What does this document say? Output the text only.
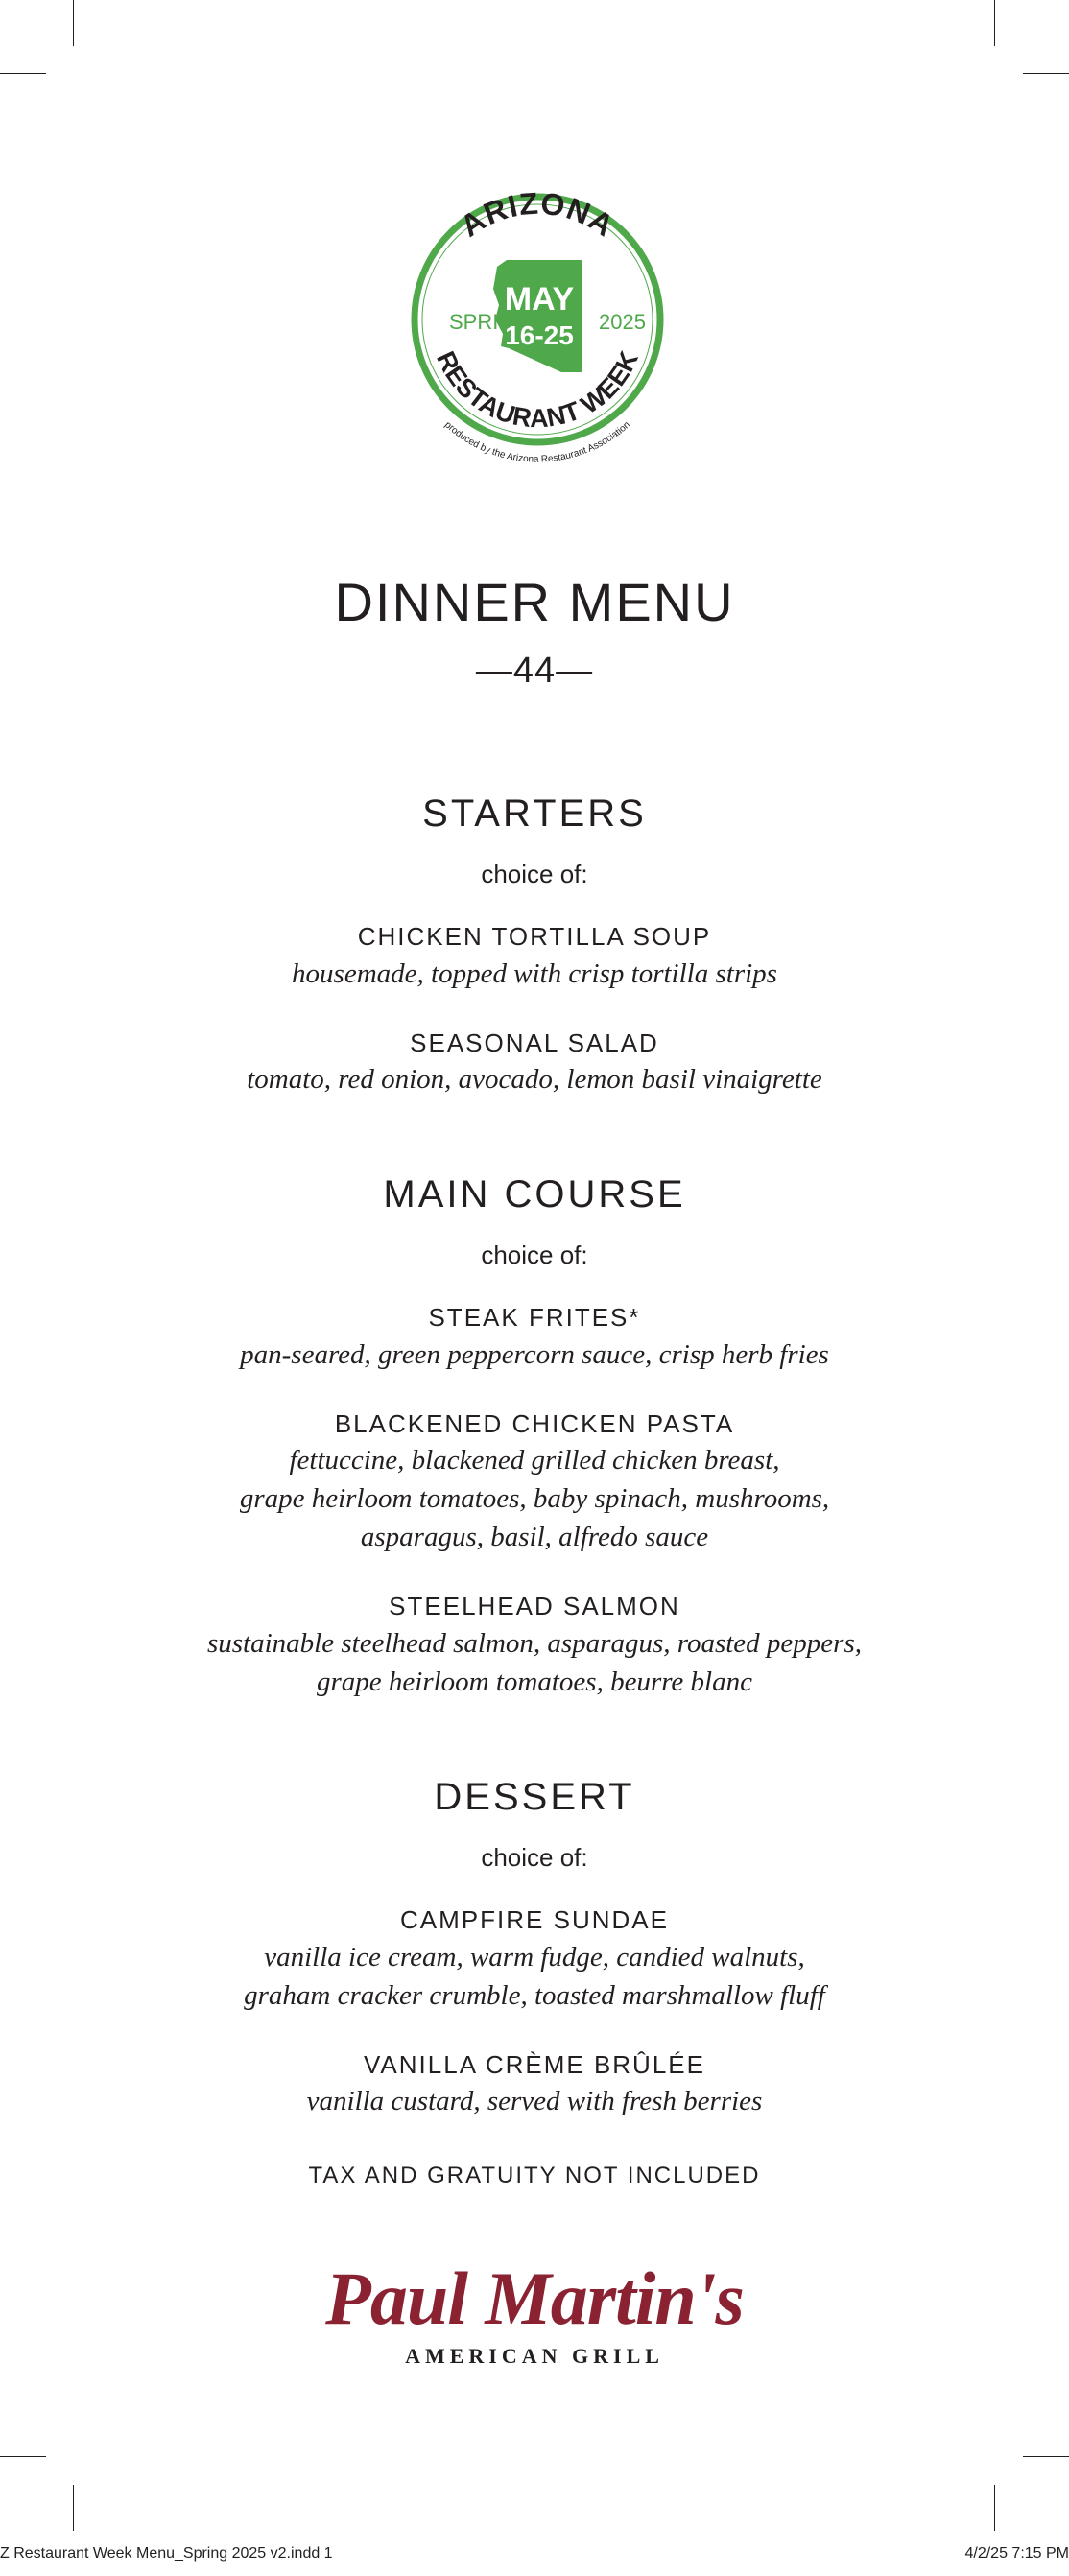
ARIZONA
RESTAURANT WEEK
produced by the Arizona Restaurant Association
SPRING	2025
MAY
16-25
DINNER MENU
—44—
STARTERS
choice of:
CHICKEN TORTILLA SOUP
housemade, topped with crisp tortilla strips
SEASONAL SALAD
tomato, red onion, avocado, lemon basil vinaigrette
MAIN COURSE
choice of:
STEAK FRITES*
pan-seared, green peppercorn sauce, crisp herb fries
BLACKENED CHICKEN PASTA
fettuccine, blackened grilled chicken breast,
grape heirloom tomatoes, baby spinach, mushrooms,
asparagus, basil, alfredo sauce
STEELHEAD SALMON
sustainable steelhead salmon, asparagus, roasted peppers,
grape heirloom tomatoes, beurre blanc
DESSERT
choice of:
CAMPFIRE SUNDAE
vanilla ice cream, warm fudge, candied walnuts,
graham cracker crumble, toasted marshmallow fluff
VANILLA CRÈME BRÛLÉE
vanilla custard, served with fresh berries
TAX AND GRATUITY NOT INCLUDED
Paul Martin's
AMERICAN GRILL
Z Restaurant Week Menu_Spring 2025 v2.indd 1	4/2/25 7:15 PM
